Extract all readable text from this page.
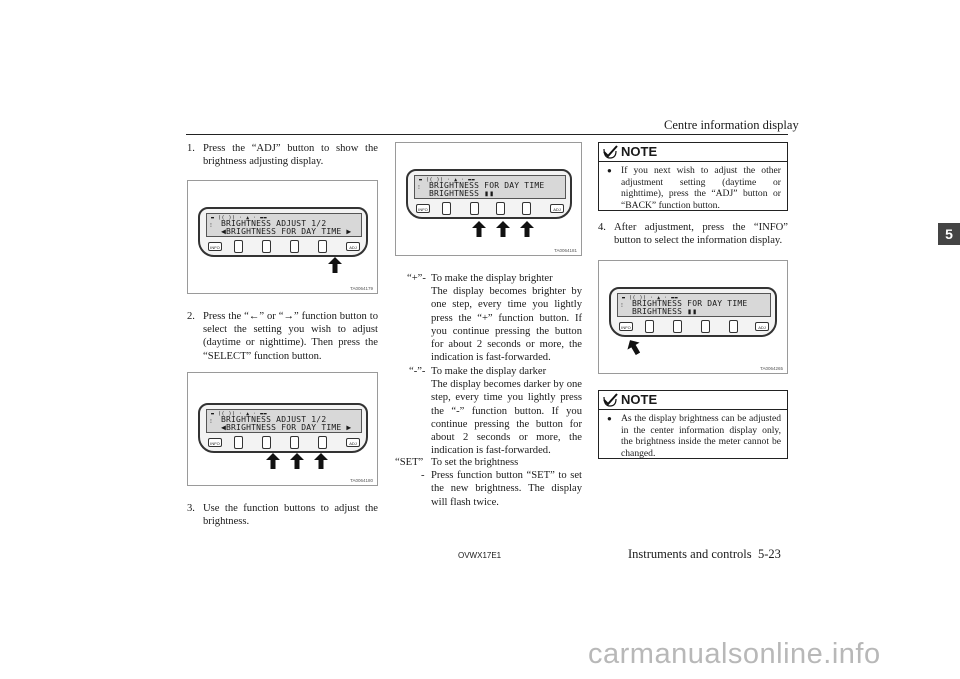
Centre information display
5
1. Press the “ADJ” button to show the brightness adjusting display.
▬ (( )) · ▲ · ▬▬
⁝ BRIGHTNESS ADJUST 1/2
◀BRIGHTNESS FOR DAY TIME ▶
INFO	ADJ
TA0064179
2. Press the “←” or “→” function button to select the setting you wish to adjust (daytime or nighttime). Then press the “SELECT” function button.
▬ (( )) · ▲ · ▬▬
⁝ BRIGHTNESS ADJUST 1/2
◀BRIGHTNESS FOR DAY TIME ▶
INFO	ADJ
TA0064180
3. Use the function buttons to adjust the brightness.
▬ (( )) · ▲ · ▬▬
⁝ BRIGHTNESS FOR DAY TIME
BRIGHTNESS ▮▮
INFO	ADJ
TA0064181
“+”- To make the display brighter
The display becomes brighter by one step, every time you lightly press the “+” function button. If you continue pressing the button for about 2 seconds or more, the indication is fast-forwarded.
“-”- To make the display darker
The display becomes darker by one step, every time you lightly press the “-” function button. If you continue pressing the button for about 2 seconds or more, the indication is fast-forwarded.
“SET” To set the brightness
- Press function button “SET” to set the new brightness. The display will flash twice.
NOTE
● If you next wish to adjust the other adjustment setting (daytime or nighttime), press the “ADJ” button or “BACK” function button.
4. After adjustment, press the “INFO” button to select the information display.
▬ (( )) · ▲ · ▬▬
⁝ BRIGHTNESS FOR DAY TIME
BRIGHTNESS ▮▮
INFO	ADJ
TA0064265
NOTE
● As the display brightness can be adjusted in the center information display only, the brightness inside the meter cannot be changed.
OVWX17E1	Instruments and controls 5-23
carmanualsonline.info
